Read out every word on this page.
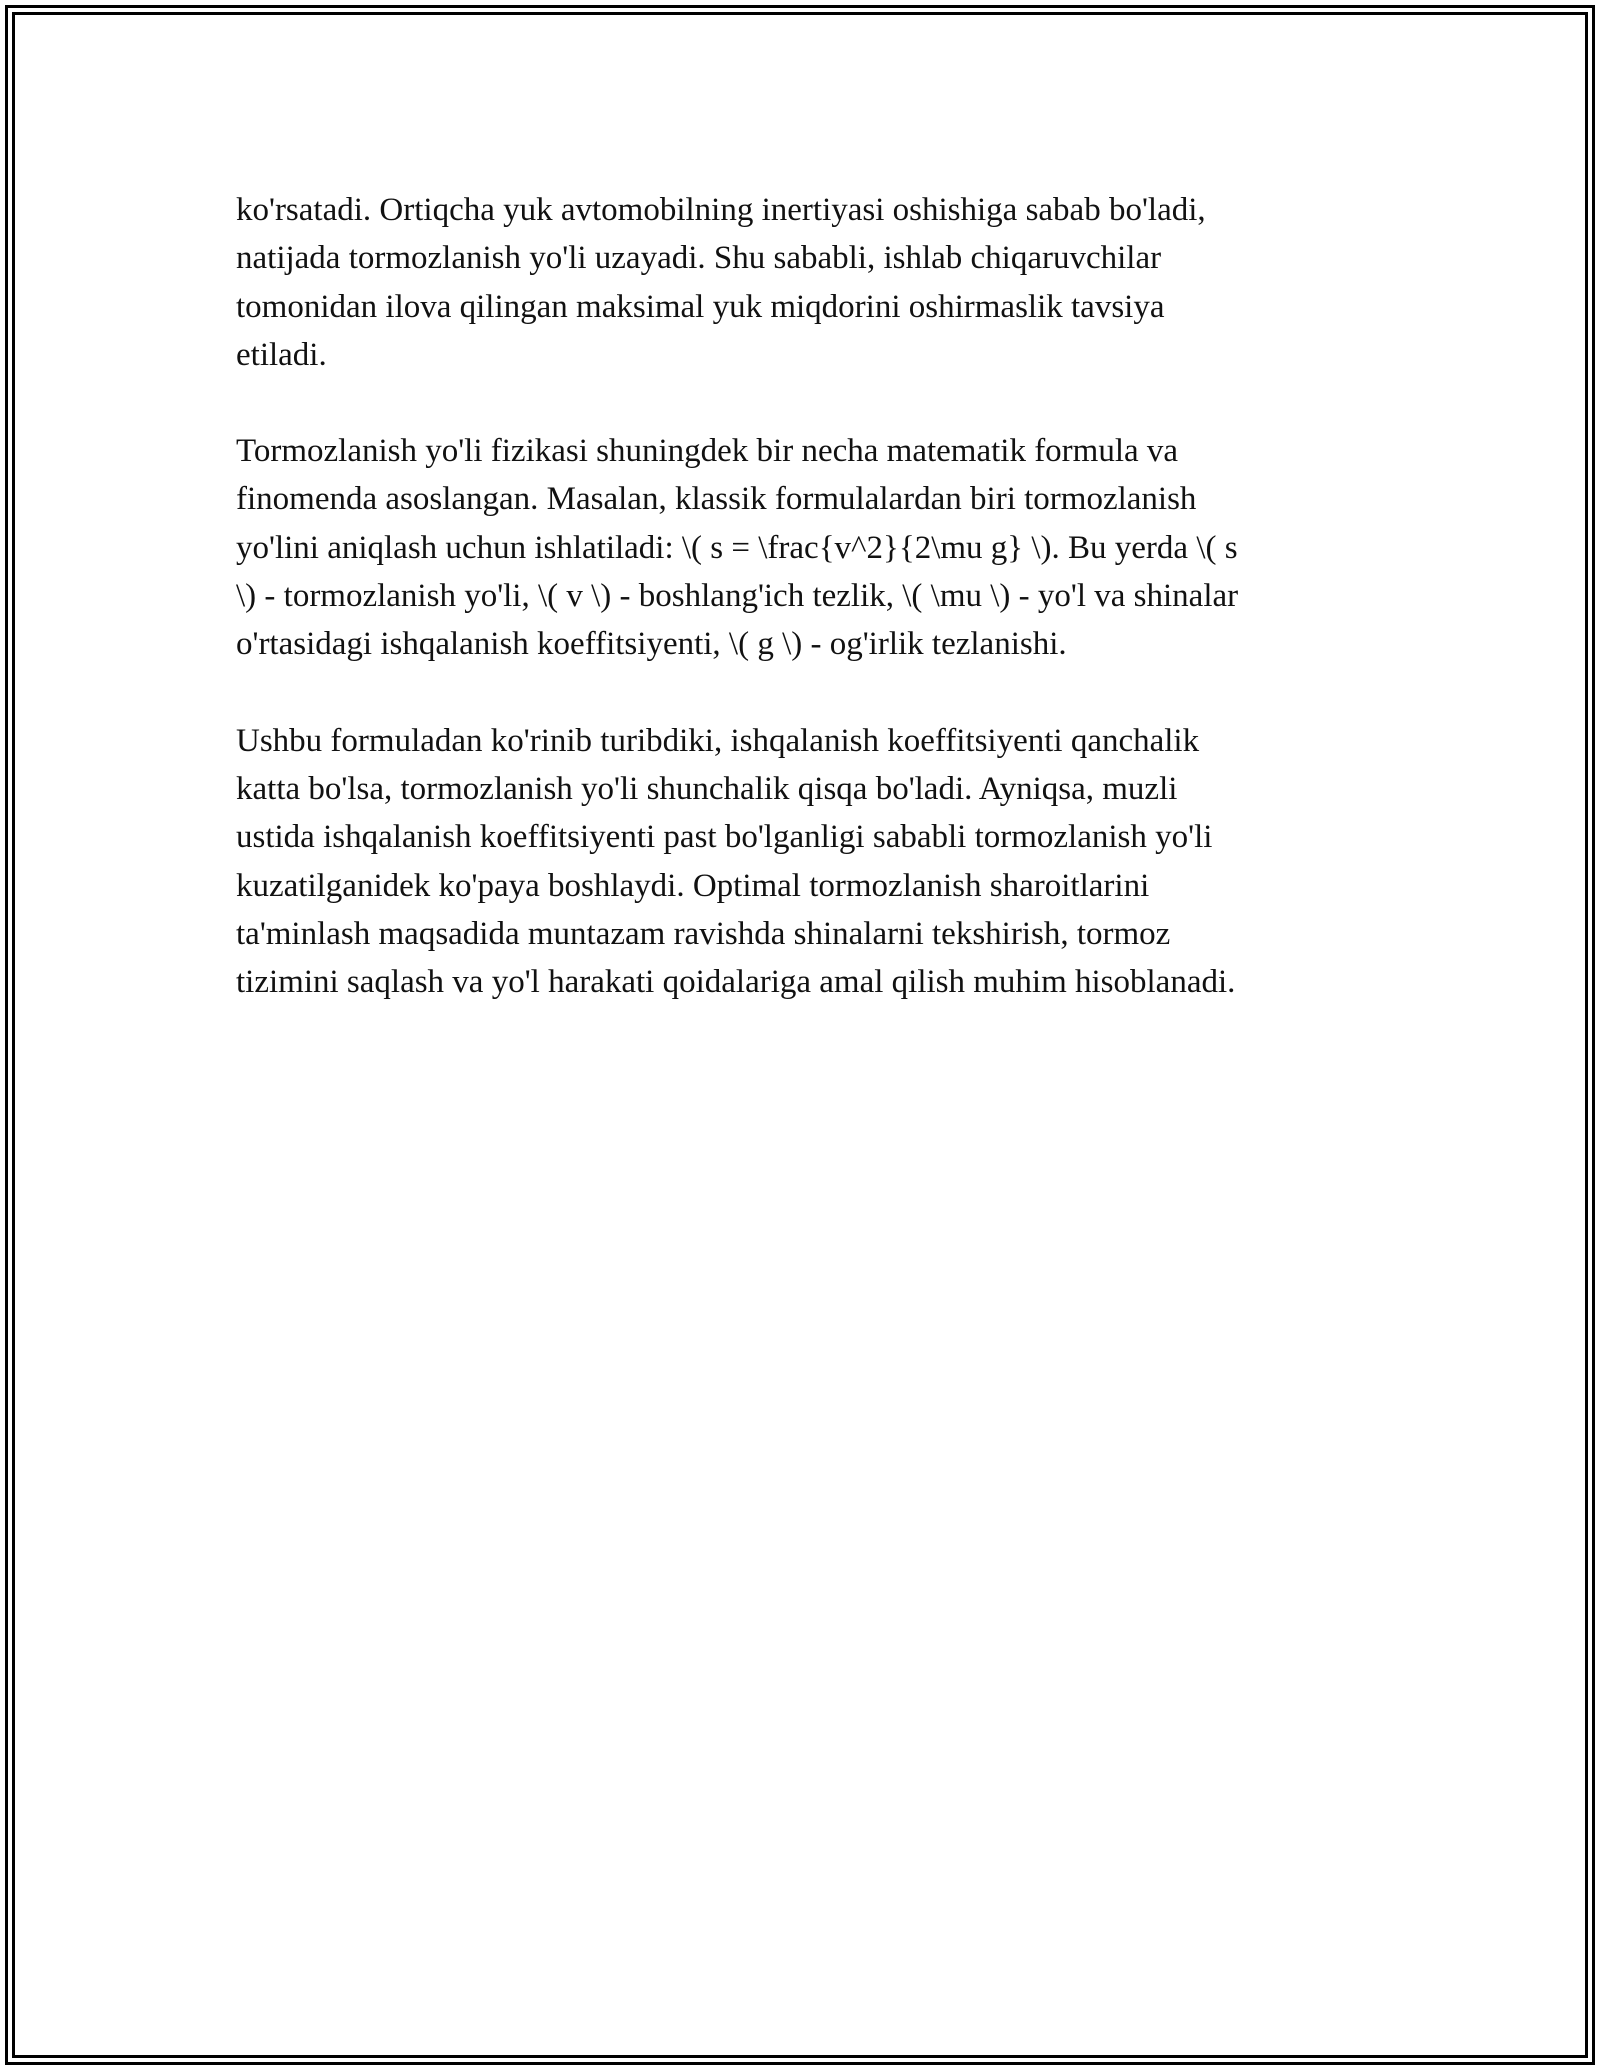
ko'rsatadi. Ortiqcha yuk avtomobilning inertiyasi oshishiga sabab bo'ladi,
natijada tormozlanish yo'li uzayadi. Shu sababli, ishlab chiqaruvchilar
tomonidan ilova qilingan maksimal yuk miqdorini oshirmaslik tavsiya
etiladi.

Tormozlanish yo'li fizikasi shuningdek bir necha matematik formula va
finomenda asoslangan. Masalan, klassik formulalardan biri tormozlanish
yo'lini aniqlash uchun ishlatiladi: \( s = \frac{v^2}{2\mu g} \). Bu yerda \( s
\) - tormozlanish yo'li, \( v \) - boshlang'ich tezlik, \( \mu \) - yo'l va shinalar
o'rtasidagi ishqalanish koeffitsiyenti, \( g \) - og'irlik tezlanishi.

Ushbu formuladan ko'rinib turibdiki, ishqalanish koeffitsiyenti qanchalik
katta bo'lsa, tormozlanish yo'li shunchalik qisqa bo'ladi. Ayniqsa, muzli
ustida ishqalanish koeffitsiyenti past bo'lganligi sababli tormozlanish yo'li
kuzatilganidek ko'paya boshlaydi. Optimal tormozlanish sharoitlarini
ta'minlash maqsadida muntazam ravishda shinalarni tekshirish, tormoz
tizimini saqlash va yo'l harakati qoidalariga amal qilish muhim hisoblanadi.
